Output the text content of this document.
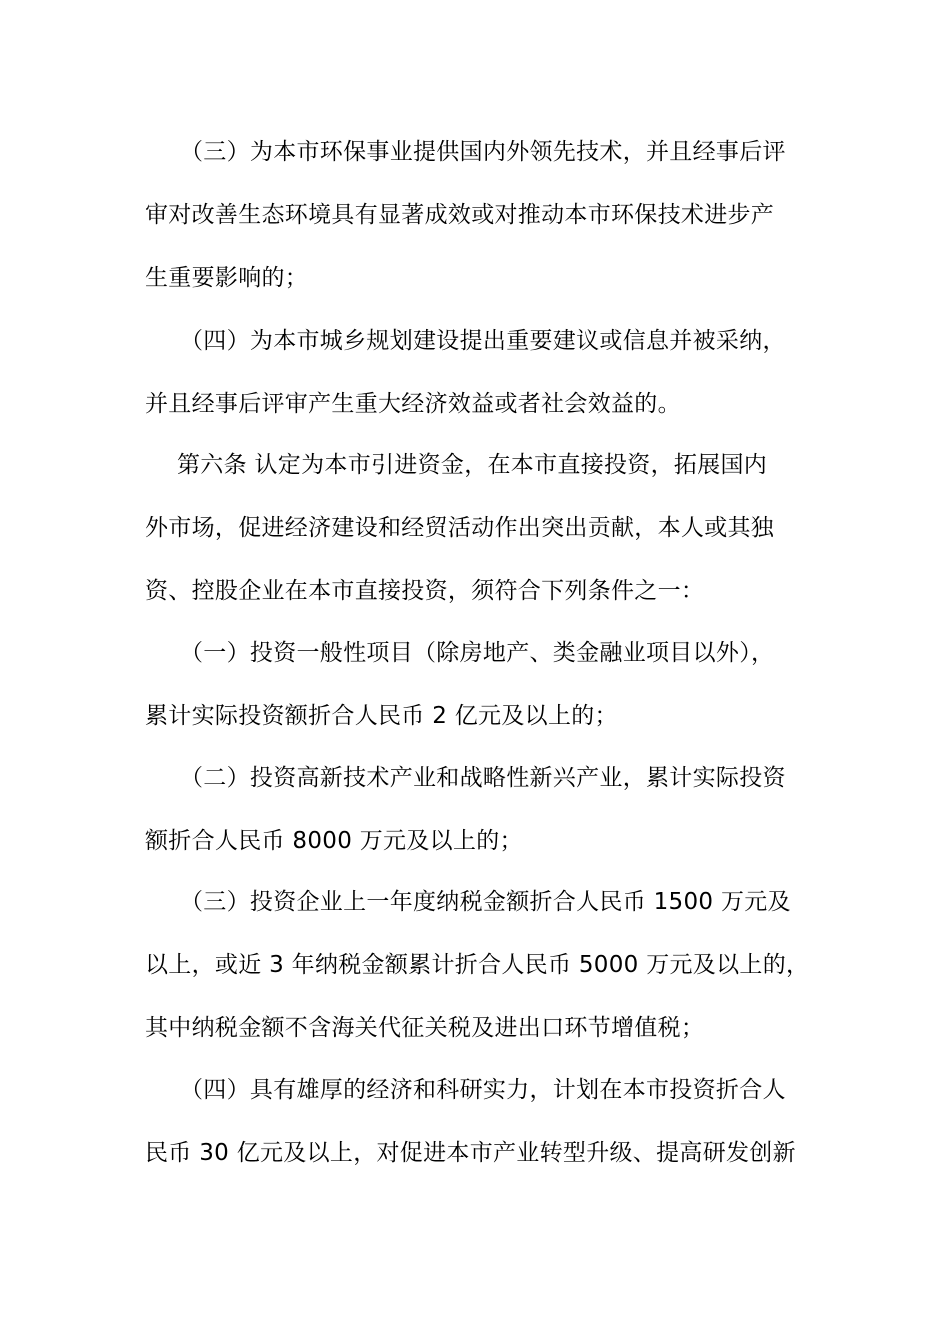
（三）为本市环保事业提供国内外领先技术，并且经事后评
审对改善生态环境具有显著成效或对推动本市环保技术进步产
生重要影响的；
（四）为本市城乡规划建设提出重要建议或信息并被采纳，
并且经事后评审产生重大经济效益或者社会效益的。
第六条 认定为本市引进资金，在本市直接投资，拓展国内
外市场，促进经济建设和经贸活动作出突出贡献，本人或其独
资、控股企业在本市直接投资，须符合下列条件之一：
（一）投资一般性项目（除房地产、类金融业项目以外），
累计实际投资额折合人民币 2 亿元及以上的；
（二）投资高新技术产业和战略性新兴产业，累计实际投资
额折合人民币 8000 万元及以上的；
（三）投资企业上一年度纳税金额折合人民币 1500 万元及
以上，或近 3 年纳税金额累计折合人民币 5000 万元及以上的，
其中纳税金额不含海关代征关税及进出口环节增值税；
（四）具有雄厚的经济和科研实力，计划在本市投资折合人
民币 30 亿元及以上，对促进本市产业转型升级、提高研发创新
